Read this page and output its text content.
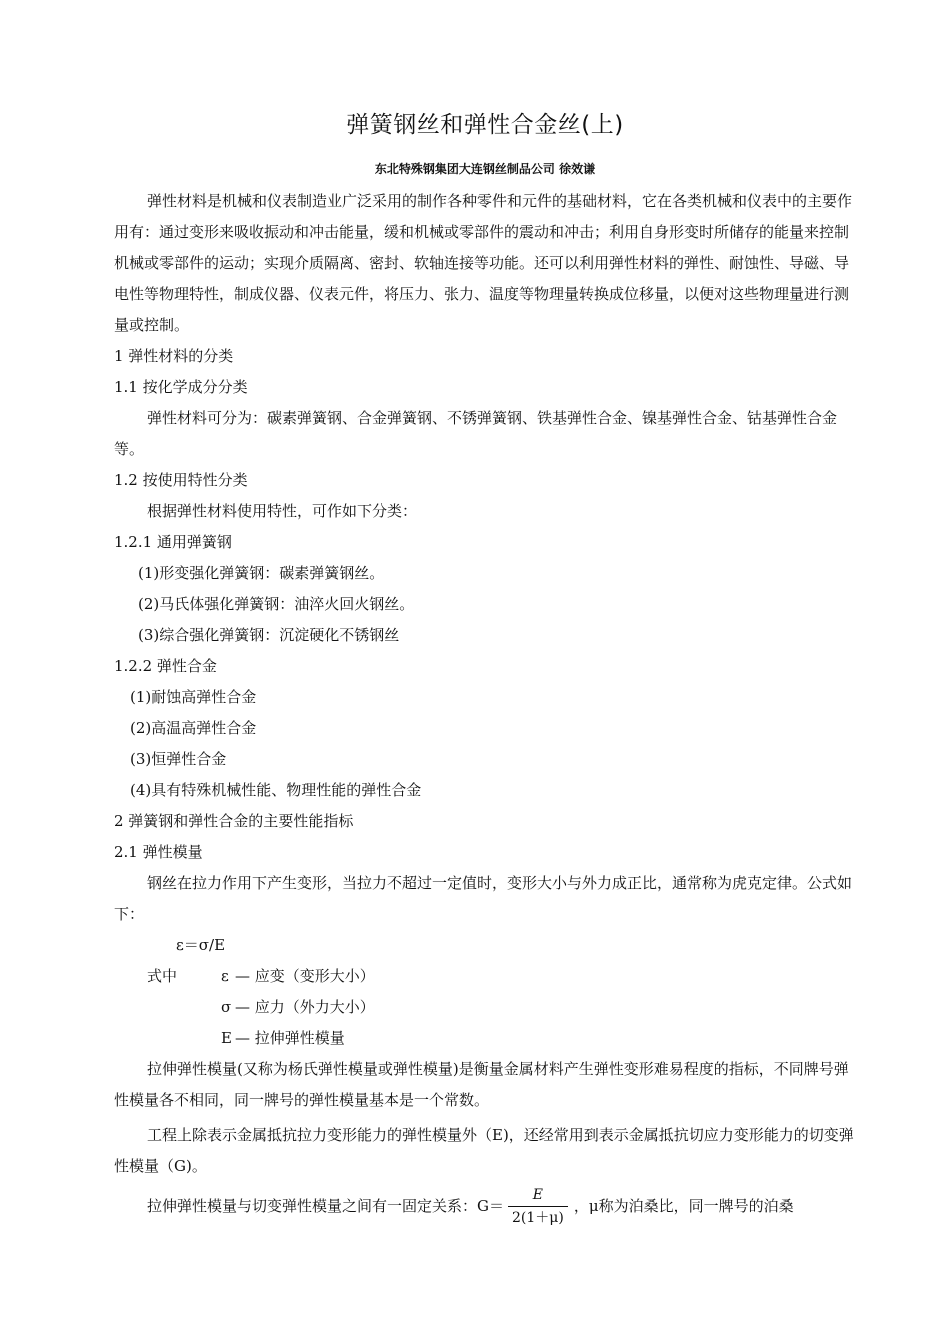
弹簧钢丝和弹性合金丝(上)
东北特殊钢集团大连钢丝制品公司 徐效谦

弹性材料是机械和仪表制造业广泛采用的制作各种零件和元件的基础材料，它在各类机械和仪表中的主要作用有：通过变形来吸收振动和冲击能量，缓和机械或零部件的震动和冲击；利用自身形变时所储存的能量来控制机械或零部件的运动；实现介质隔离、密封、软轴连接等功能。还可以利用弹性材料的弹性、耐蚀性、导磁、导电性等物理特性，制成仪器、仪表元件，将压力、张力、温度等物理量转换成位移量，以便对这些物理量进行测量或控制。

1 弹性材料的分类

1.1 按化学成分分类

弹性材料可分为：碳素弹簧钢、合金弹簧钢、不锈弹簧钢、铁基弹性合金、镍基弹性合金、钴基弹性合金等。

1.2 按使用特性分类

根据弹性材料使用特性，可作如下分类：

1.2.1 通用弹簧钢

(1)形变强化弹簧钢：碳素弹簧钢丝。

(2)马氏体强化弹簧钢：油淬火回火钢丝。

(3)综合强化弹簧钢：沉淀硬化不锈钢丝

1.2.2 弹性合金

(1)耐蚀高弹性合金

(2)高温高弹性合金

(3)恒弹性合金

(4)具有特殊机械性能、物理性能的弹性合金

2 弹簧钢和弹性合金的主要性能指标

2.1 弹性模量

钢丝在拉力作用下产生变形，当拉力不超过一定值时，变形大小与外力成正比，通常称为虎克定律。公式如下：

ε＝σ/E

式中	ε — 应变（变形大小）
σ — 应力（外力大小）
E — 拉伸弹性模量

拉伸弹性模量(又称为杨氏弹性模量或弹性模量)是衡量金属材料产生弹性变形难易程度的指标，不同牌号弹性模量各不相同，同一牌号的弹性模量基本是一个常数。

工程上除表示金属抵抗拉力变形能力的弹性模量外（E)，还经常用到表示金属抵抗切应力变形能力的切变弹性模量（G)。

拉伸弹性模量与切变弹性模量之间有一固定关系：$G= \frac{E}{2(1+\mu)}$ ，μ称为泊桑比，同一牌号的泊桑
